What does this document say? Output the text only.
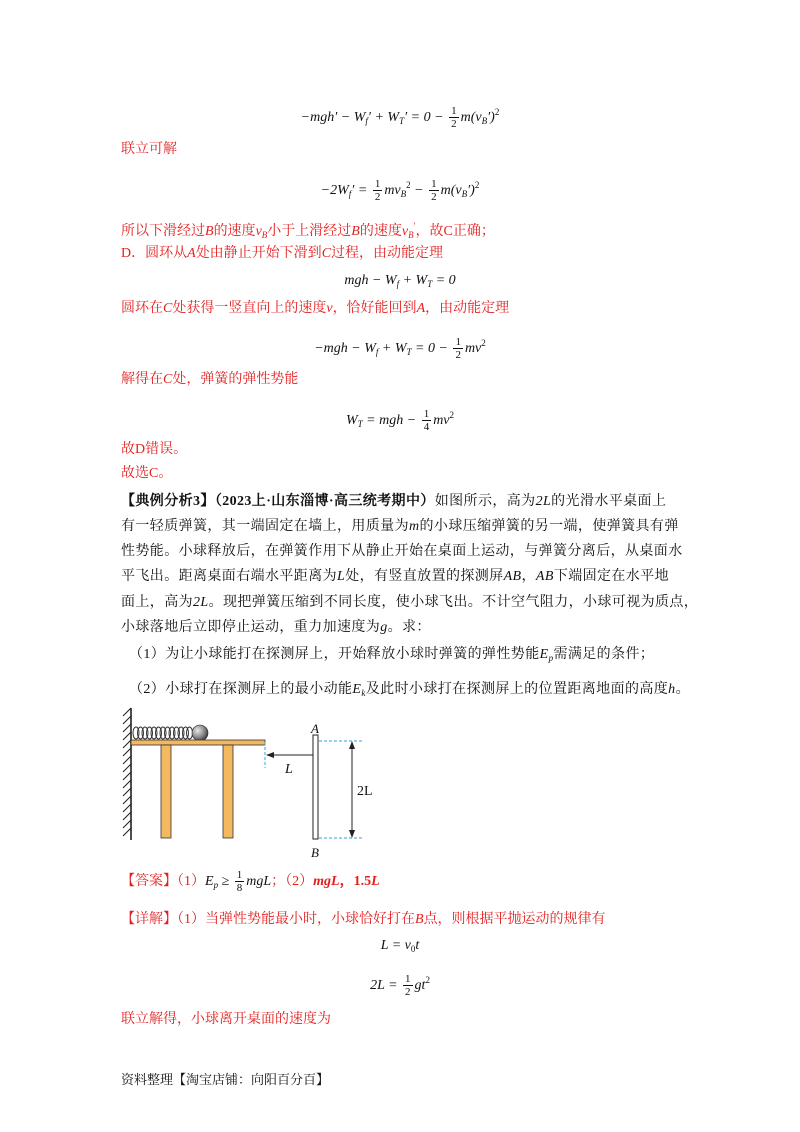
$-mgh' - W_f' + W_T' = 0 - \frac{1}{2} m(v_B')^2$
联立可解
$-2W_f' = \frac{1}{2} mv_B^2 - \frac{1}{2} m(v_B')^2$
所以下滑经过B的速度$v_B$小于上滑经过B的速度$v_B'$，故C正确；
D．圆环从A处由静止开始下滑到C过程，由动能定理
mgh − $W_f + W_T = 0$
圆环在C处获得一竖直向上的速度v，恰好能回到A，由动能定理
$-mgh - W_f + W_T = 0 - \frac{1}{2} mv^2$
解得在C处，弹簧的弹性势能
$W_T$ = mgh − $\frac{1}{4} mv^2$
故D错误。
故选C。
【典例分析3】（2023上·山东淄博·高三统考期中）如图所示，高为2L的光滑水平桌面上
有一轻质弹簧，其一端固定在墙上，用质量为m的小球压缩弹簧的另一端，使弹簧具有弹
性势能。小球释放后，在弹簧作用下从静止开始在桌面上运动，与弹簧分离后，从桌面水
平飞出。距离桌面右端水平距离为L处，有竖直放置的探测屏AB，AB下端固定在水平地
面上，高为2L。现把弹簧压缩到不同长度，使小球飞出。不计空气阻力，小球可视为质点，
小球落地后立即停止运动，重力加速度为g。求：
（1）为让小球能打在探测屏上，开始释放小球时弹簧的弹性势能$E_p$需满足的条件；
（2）小球打在探测屏上的最小动能$E_k$及此时小球打在探测屏上的位置距离地面的高度h。
L
A
B
2L
【答案】$(1)E_p \ge \frac{1}{8}$ mgL；（2）mgL，1.5L
【详解】（1）当弹性势能最小时，小球恰好打在B点，则根据平抛运动的规律有
$L = v_0t$
$2L = \frac{1}{2} gt^2$
联立解得，小球离开桌面的速度为
资料整理【淘宝店铺：向阳百分百】
